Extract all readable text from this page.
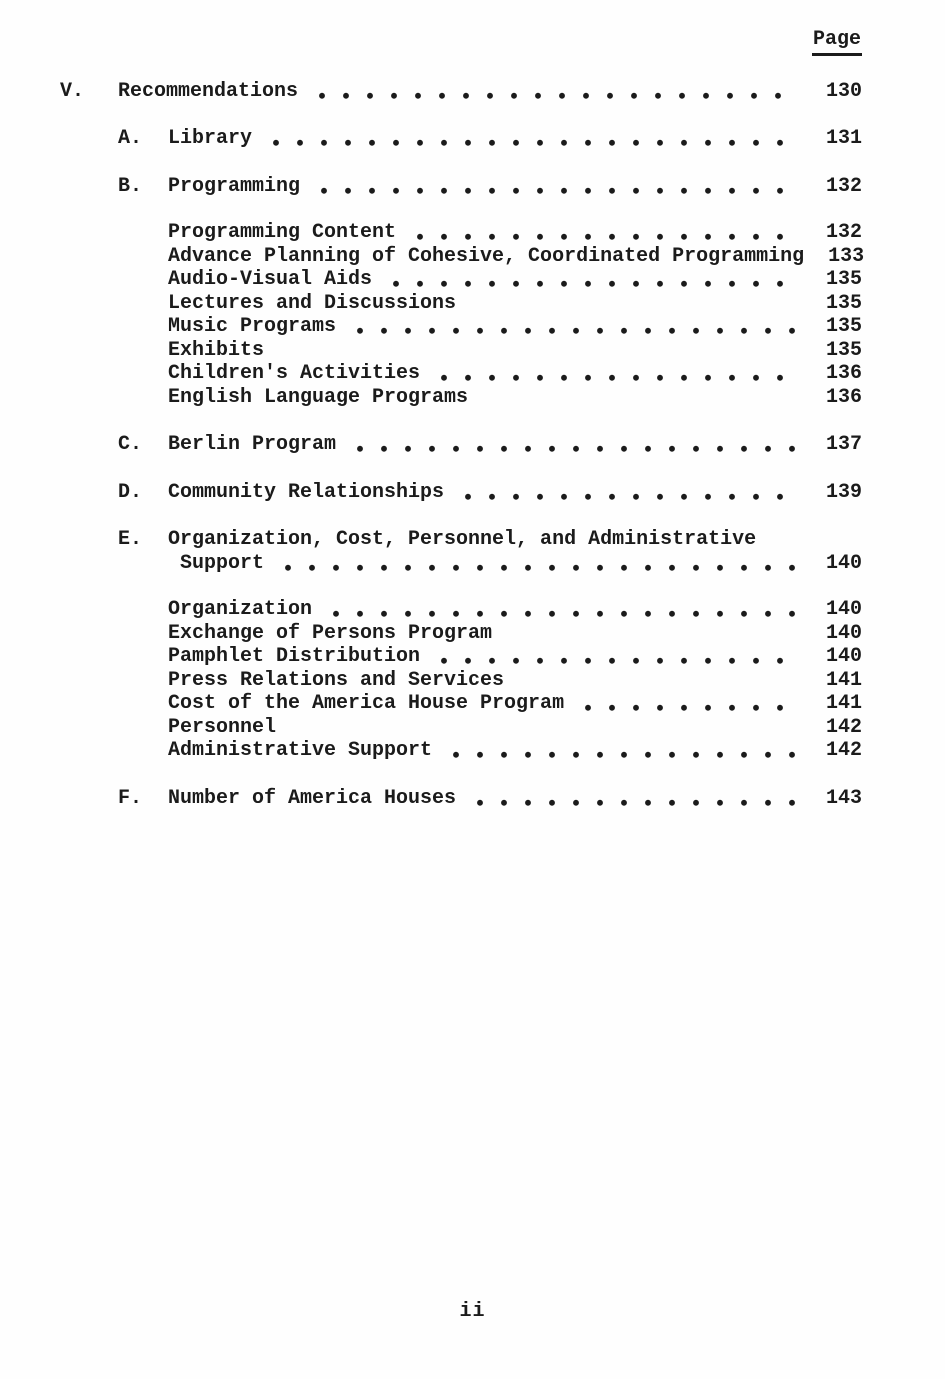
Page
V.	Recommendations	130
A.	Library	131
B.	Programming	132
Programming Content	132
Advance Planning of Cohesive, Coordinated Programming	133
Audio-Visual Aids	135
Lectures and Discussions	135
Music Programs	135
Exhibits	135
Children's Activities	136
English Language Programs	136
C.	Berlin Program	137
D.	Community Relationships	139
E.	Organization, Cost, Personnel, and Administrative
Support	140
Organization	140
Exchange of Persons Program	140
Pamphlet Distribution	140
Press Relations and Services	141
Cost of the America House Program	141
Personnel	142
Administrative Support	142
F.	Number of America Houses	143
ii
